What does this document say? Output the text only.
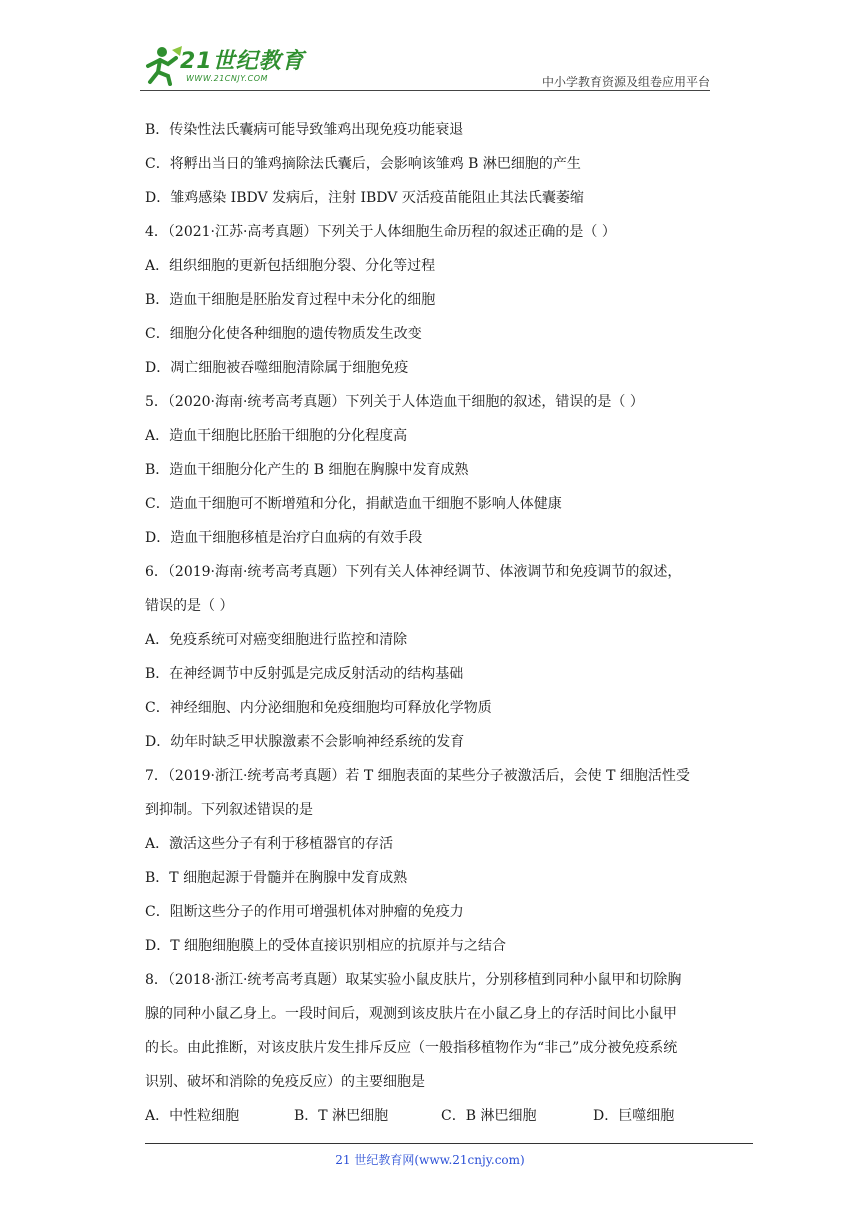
21世纪教育
WWW.21CNJY.COM	中小学教育资源及组卷应用平台
B．传染性法氏囊病可能导致雏鸡出现免疫功能衰退
C．将孵出当日的雏鸡摘除法氏囊后，会影响该雏鸡 B 淋巴细胞的产生
D．雏鸡感染 IBDV 发病后，注射 IBDV 灭活疫苗能阻止其法氏囊萎缩
4．（2021·江苏·高考真题）下列关于人体细胞生命历程的叙述正确的是（ ）
A．组织细胞的更新包括细胞分裂、分化等过程
B．造血干细胞是胚胎发育过程中未分化的细胞
C．细胞分化使各种细胞的遗传物质发生改变
D．凋亡细胞被吞噬细胞清除属于细胞免疫
5．（2020·海南·统考高考真题）下列关于人体造血干细胞的叙述，错误的是（ ）
A．造血干细胞比胚胎干细胞的分化程度高
B．造血干细胞分化产生的 B 细胞在胸腺中发育成熟
C．造血干细胞可不断增殖和分化，捐献造血干细胞不影响人体健康
D．造血干细胞移植是治疗白血病的有效手段
6．（2019·海南·统考高考真题）下列有关人体神经调节、体液调节和免疫调节的叙述，
错误的是（ ）
A．免疫系统可对癌变细胞进行监控和清除
B．在神经调节中反射弧是完成反射活动的结构基础
C．神经细胞、内分泌细胞和免疫细胞均可释放化学物质
D．幼年时缺乏甲状腺激素不会影响神经系统的发育
7．（2019·浙江·统考高考真题）若 T 细胞表面的某些分子被激活后，会使 T 细胞活性受
到抑制。下列叙述错误的是
A．激活这些分子有利于移植器官的存活
B．T 细胞起源于骨髓并在胸腺中发育成熟
C．阻断这些分子的作用可增强机体对肿瘤的免疫力
D．T 细胞细胞膜上的受体直接识别相应的抗原并与之结合
8．（2018·浙江·统考高考真题）取某实验小鼠皮肤片，分别移植到同种小鼠甲和切除胸
腺的同种小鼠乙身上。一段时间后，观测到该皮肤片在小鼠乙身上的存活时间比小鼠甲
的长。由此推断，对该皮肤片发生排斥反应（一般指移植物作为“非己”成分被免疫系统
识别、破坏和消除的免疫反应）的主要细胞是
A．中性粒细胞	B．T 淋巴细胞	C．B 淋巴细胞	D．巨噬细胞
21 世纪教育网(www.21cnjy.com)
